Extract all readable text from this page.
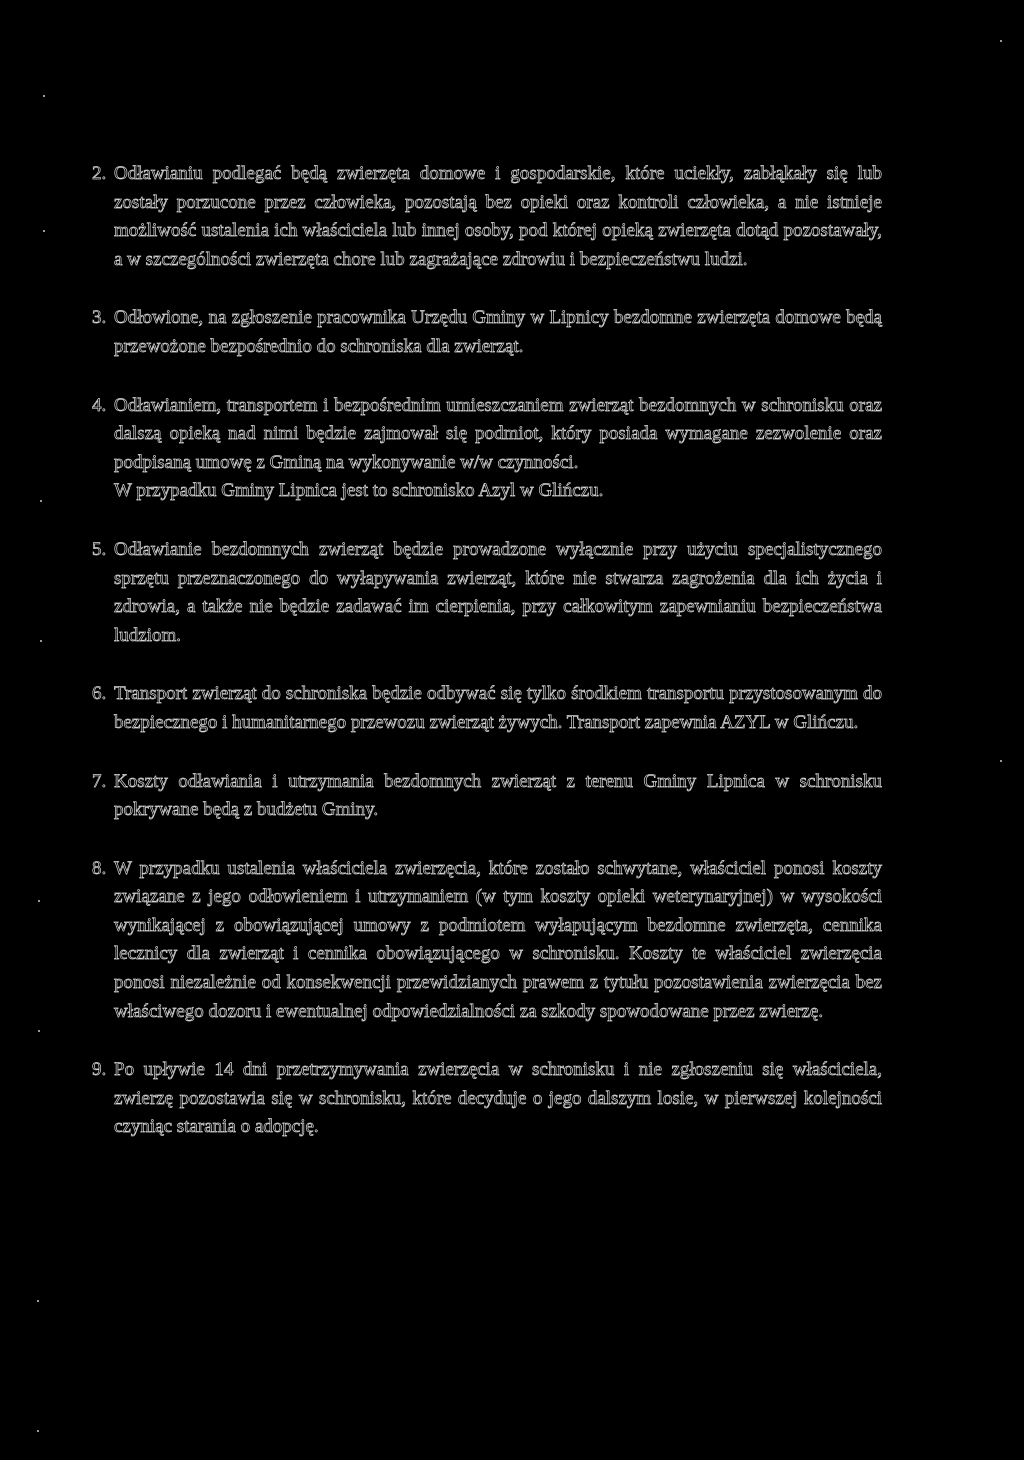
2. Odławianiu podlegać będą zwierzęta domowe i gospodarskie, które uciekły, zabłąkały się lub zostały porzucone przez człowieka, pozostają bez opieki oraz kontroli człowieka, a nie istnieje możliwość ustalenia ich właściciela lub innej osoby, pod której opieką zwierzęta dotąd pozostawały, a w szczególności zwierzęta chore lub zagrażające zdrowiu i bezpieczeństwu ludzi.

3. Odłowione, na zgłoszenie pracownika Urzędu Gminy w Lipnicy bezdomne zwierzęta domowe będą przewożone bezpośrednio do schroniska dla zwierząt.

4. Odławianiem, transportem i bezpośrednim umieszczaniem zwierząt bezdomnych w schronisku oraz dalszą opieką nad nimi będzie zajmował się podmiot, który posiada wymagane zezwolenie oraz podpisaną umowę z Gminą na wykonywanie w/w czynności.
W przypadku Gminy Lipnica jest to schronisko Azyl w Glińczu.
5. Odławianie bezdomnych zwierząt będzie prowadzone wyłącznie przy użyciu specjalistycznego sprzętu przeznaczonego do wyłapywania zwierząt, które nie stwarza zagrożenia dla ich życia i zdrowia, a także nie będzie zadawać im cierpienia, przy całkowitym zapewnianiu bezpieczeństwa ludziom.

6. Transport zwierząt do schroniska będzie odbywać się tylko środkiem transportu przystosowanym do bezpiecznego i humanitarnego przewozu zwierząt żywych. Transport zapewnia AZYL w Glińczu.

7. Koszty odławiania i utrzymania bezdomnych zwierząt z terenu Gminy Lipnica w schronisku pokrywane będą z budżetu Gminy.

8. W przypadku ustalenia właściciela zwierzęcia, które zostało schwytane, właściciel ponosi koszty związane z jego odłowieniem i utrzymaniem (w tym koszty opieki weterynaryjnej) w wysokości wynikającej z obowiązującej umowy z podmiotem wyłapującym bezdomne zwierzęta, cennika lecznicy dla zwierząt i cennika obowiązującego w schronisku. Koszty te właściciel zwierzęcia ponosi niezależnie od konsekwencji przewidzianych prawem z tytułu pozostawienia zwierzęcia bez właściwego dozoru i ewentualnej odpowiedzialności za szkody spowodowane przez zwierzę.

9. Po upływie 14 dni przetrzymywania zwierzęcia w schronisku i nie zgłoszeniu się właściciela, zwierzę pozostawia się w schronisku, które decyduje o jego dalszym losie, w pierwszej kolejności czyniąc starania o adopcję.
